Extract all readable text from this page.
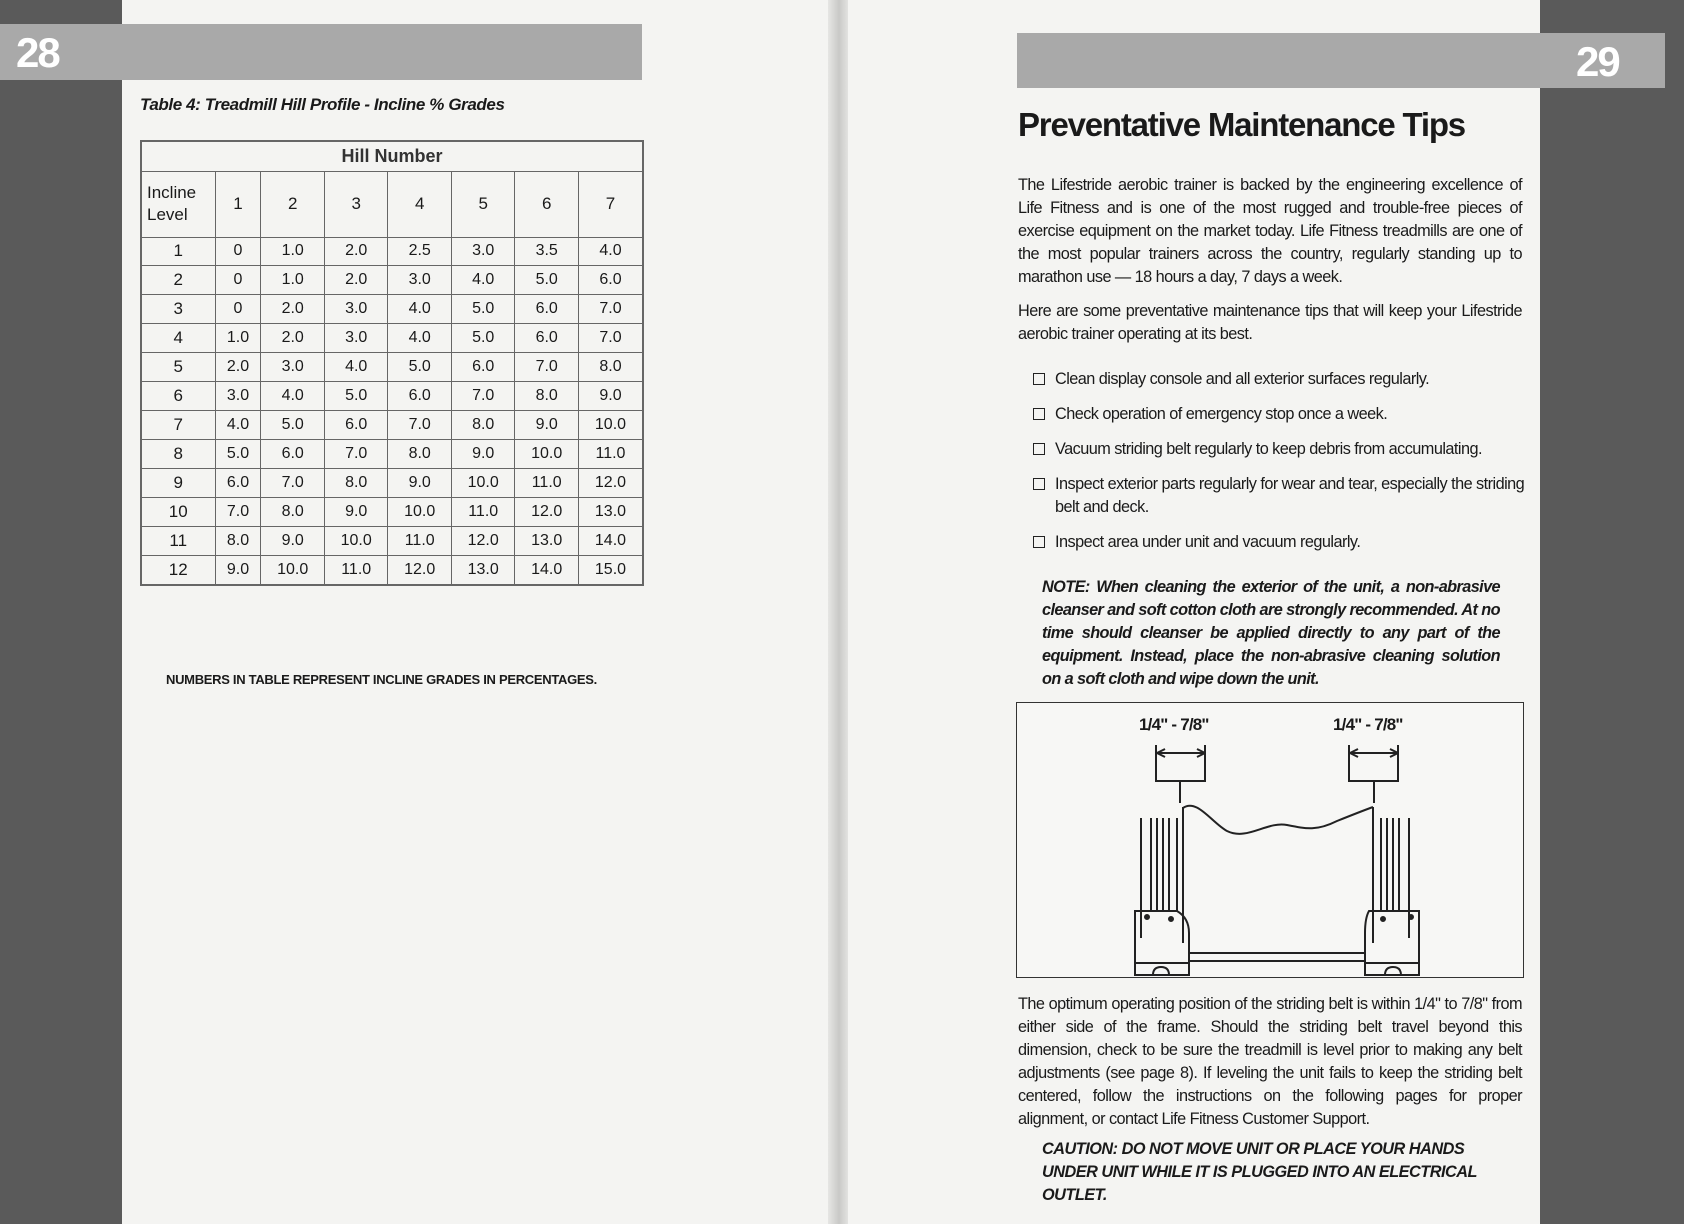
28	29
Table 4: Treadmill Hill Profile - Incline % Grades
Hill Number							
Incline Level	1	2	3	4	5	6	7
1	0	1.0	2.0	2.5	3.0	3.5	4.0
2	0	1.0	2.0	3.0	4.0	5.0	6.0
3	0	2.0	3.0	4.0	5.0	6.0	7.0
4	1.0	2.0	3.0	4.0	5.0	6.0	7.0
5	2.0	3.0	4.0	5.0	6.0	7.0	8.0
6	3.0	4.0	5.0	6.0	7.0	8.0	9.0
7	4.0	5.0	6.0	7.0	8.0	9.0	10.0
8	5.0	6.0	7.0	8.0	9.0	10.0	11.0
9	6.0	7.0	8.0	9.0	10.0	11.0	12.0
10	7.0	8.0	9.0	10.0	11.0	12.0	13.0
11	8.0	9.0	10.0	11.0	12.0	13.0	14.0
12	9.0	10.0	11.0	12.0	13.0	14.0	15.0
NUMBERS IN TABLE REPRESENT INCLINE GRADES IN PERCENTAGES.
Preventative Maintenance Tips
The Lifestride aerobic trainer is backed by the engineering excellence of Life Fitness and is one of the most rugged and trouble-free pieces of exercise equipment on the market today. Life Fitness treadmills are one of the most popular trainers across the country, regularly standing up to marathon use — 18 hours a day, 7 days a week.
Here are some preventative maintenance tips that will keep your Lifestride aerobic trainer operating at its best.
Clean display console and all exterior surfaces regularly.
Check operation of emergency stop once a week.
Vacuum striding belt regularly to keep debris from accumulating.
Inspect exterior parts regularly for wear and tear, especially the striding belt and deck.
Inspect area under unit and vacuum regularly.
NOTE: When cleaning the exterior of the unit, a non-abrasive cleanser and soft cotton cloth are strongly recommended. At no time should cleanser be applied directly to any part of the equipment. Instead, place the non-abrasive cleaning solution on a soft cloth and wipe down the unit.
1/4" - 7/8"	1/4" - 7/8"
The optimum operating position of the striding belt is within 1/4" to 7/8" from either side of the frame. Should the striding belt travel beyond this dimension, check to be sure the treadmill is level prior to making any belt adjustments (see page 8). If leveling the unit fails to keep the striding belt centered, follow the instructions on the following pages for proper alignment, or contact Life Fitness Customer Support.
CAUTION: DO NOT MOVE UNIT OR PLACE YOUR HANDS UNDER UNIT WHILE IT IS PLUGGED INTO AN ELECTRICAL OUTLET.
